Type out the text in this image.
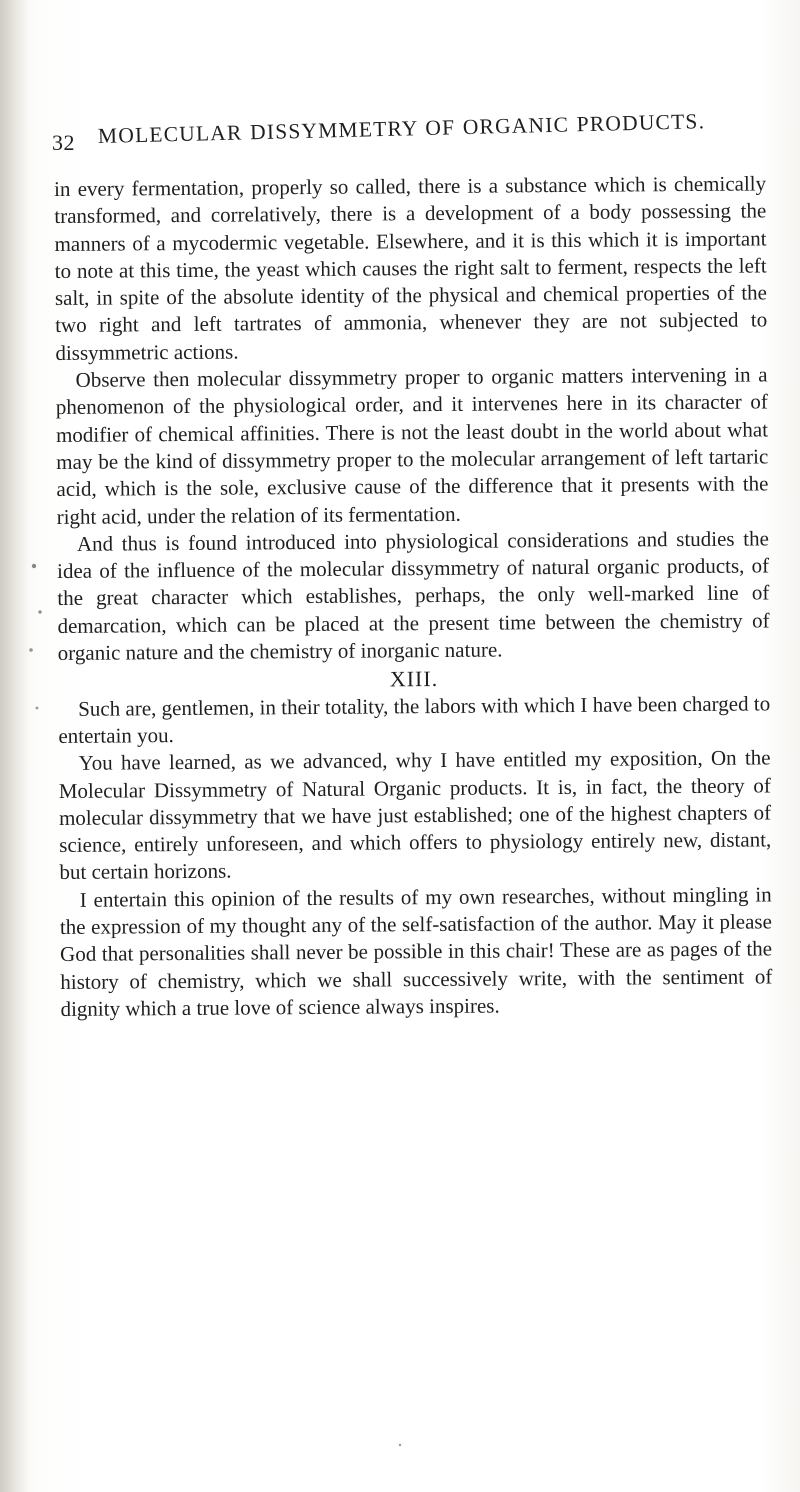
32 MOLECULAR DISSYMMETRY OF ORGANIC PRODUCTS.

in every fermentation, properly so called, there is a substance which is chemically transformed, and correlatively, there is a development of a body possessing the manners of a mycodermic vegetable. Elsewhere, and it is this which it is important to note at this time, the yeast which causes the right salt to ferment, respects the left salt, in spite of the absolute identity of the physical and chemical properties of the two right and left tartrates of ammonia, whenever they are not subjected to dissymmetric actions.

Observe then molecular dissymmetry proper to organic matters intervening in a phenomenon of the physiological order, and it intervenes here in its character of modifier of chemical affinities. There is not the least doubt in the world about what may be the kind of dissymmetry proper to the molecular arrangement of left tartaric acid, which is the sole, exclusive cause of the difference that it presents with the right acid, under the relation of its fermentation.

And thus is found introduced into physiological considerations and studies the idea of the influence of the molecular dissymmetry of natural organic products, of the great character which establishes, perhaps, the only well-marked line of demarcation, which can be placed at the present time between the chemistry of organic nature and the chemistry of inorganic nature.

XIII.

Such are, gentlemen, in their totality, the labors with which I have been charged to entertain you.

You have learned, as we advanced, why I have entitled my exposition, On the Molecular Dissymmetry of Natural Organic products. It is, in fact, the theory of molecular dissymmetry that we have just established; one of the highest chapters of science, entirely unforeseen, and which offers to physiology entirely new, distant, but certain horizons.

I entertain this opinion of the results of my own researches, without mingling in the expression of my thought any of the self-satisfaction of the author. May it please God that personalities shall never be possible in this chair! These are as pages of the history of chemistry, which we shall successively write, with the sentiment of dignity which a true love of science always inspires.
